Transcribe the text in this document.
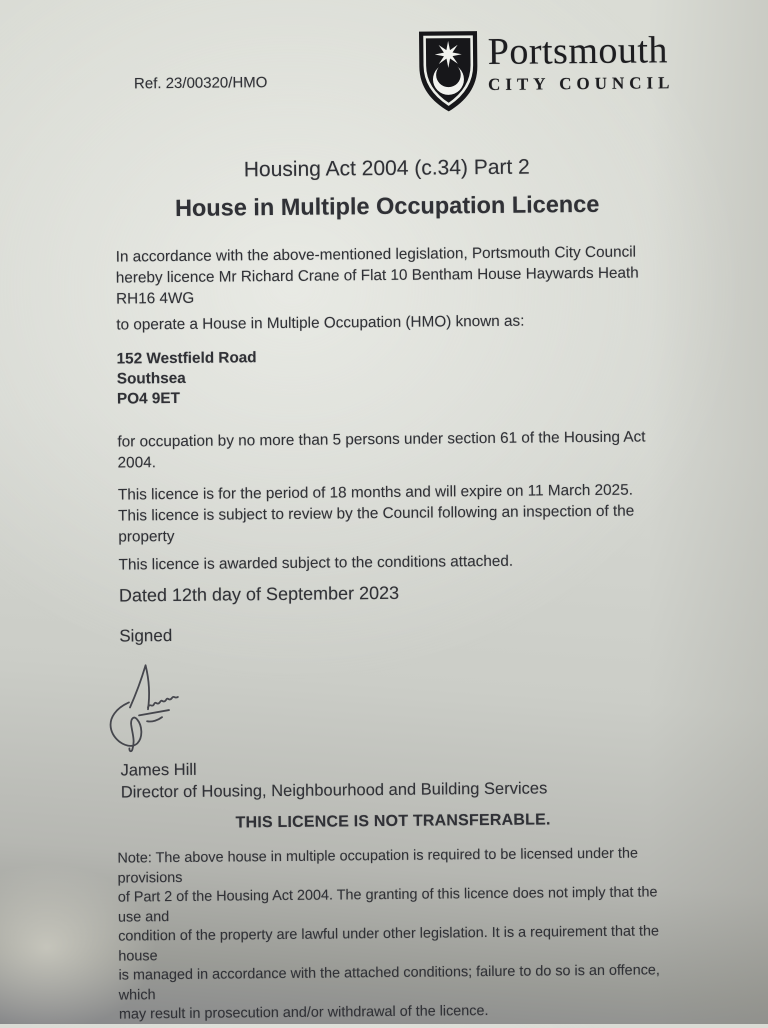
Ref. 23/00320/HMO
Portsmouth
CITY COUNCIL
Housing Act 2004 (c.34) Part 2
House in Multiple Occupation Licence
In accordance with the above-mentioned legislation, Portsmouth City Council
hereby licence Mr Richard Crane of Flat 10 Bentham House Haywards Heath
RH16 4WG
to operate a House in Multiple Occupation (HMO) known as:
152 Westfield Road
Southsea
PO4 9ET
for occupation by no more than 5 persons under section 61 of the Housing Act
2004.
This licence is for the period of 18 months and will expire on 11 March 2025.
This licence is subject to review by the Council following an inspection of the
property
This licence is awarded subject to the conditions attached.
Dated 12th day of September 2023
Signed
James Hill
Director of Housing, Neighbourhood and Building Services
THIS LICENCE IS NOT TRANSFERABLE.
Note: The above house in multiple occupation is required to be licensed under the provisions
of Part 2 of the Housing Act 2004. The granting of this licence does not imply that the use and
condition of the property are lawful under other legislation. It is a requirement that the house
is managed in accordance with the attached conditions; failure to do so is an offence, which
may result in prosecution and/or withdrawal of the licence.
